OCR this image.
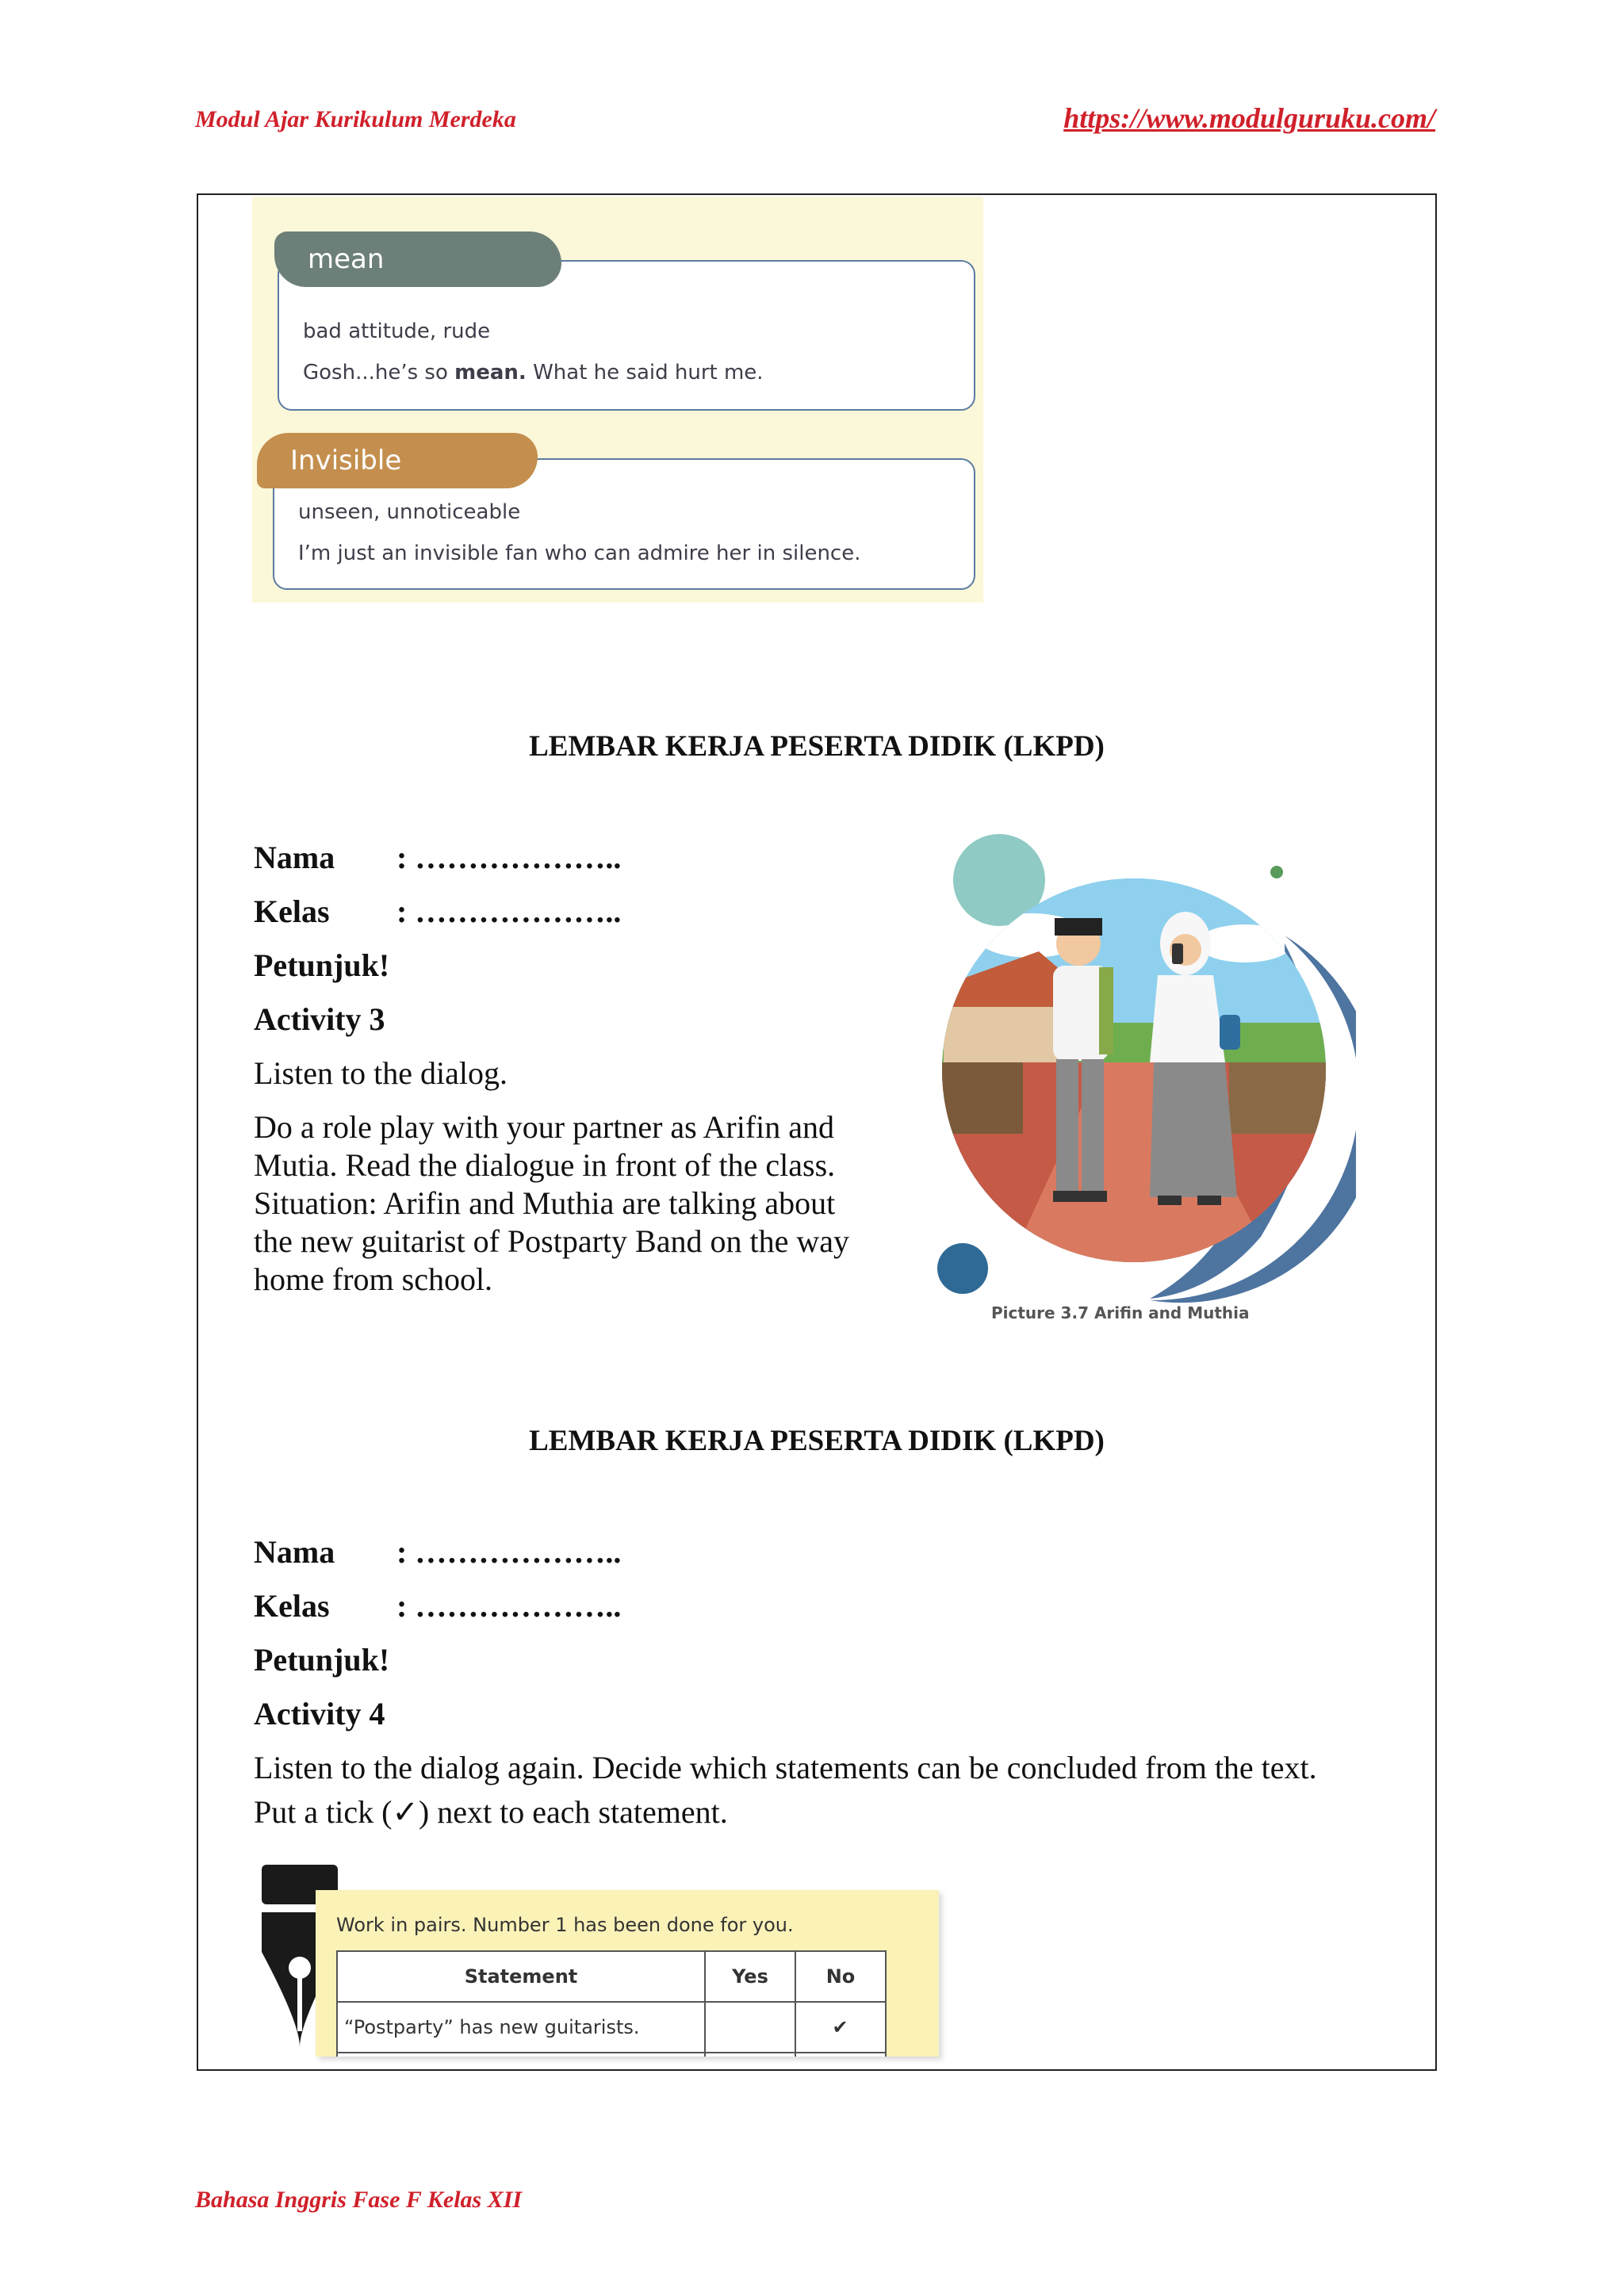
Modul Ajar Kurikulum Merdeka	https://www.modulguruku.com/

bad attitude, rude

Gosh...he’s so mean. What he said hurt me.

mean

unseen, unnoticeable

I’m just an invisible fan who can admire her in silence.

Invisible
LEMBAR KERJA PESERTA DIDIK (LKPD)
Nama : ………………..
Kelas : ………………..
Petunjuk!
Activity 3
Listen to the dialog.
Do a role play with your partner as Arifin and
Mutia. Read the dialogue in front of the class.
Situation: Arifin and Muthia are talking about
the new guitarist of Postparty Band on the way
home from school.
Picture 3.7 Arifin and Muthia
LEMBAR KERJA PESERTA DIDIK (LKPD)
Nama : ………………..
Kelas : ………………..
Petunjuk!
Activity 4
Listen to the dialog again. Decide which statements can be concluded from the text.
Put a tick (✓) next to each statement.
Work in pairs. Number 1 has been done for you.
Statement	Yes	No
“Postparty” has new guitarists.		✔

Bahasa Inggris Fase F Kelas XII
